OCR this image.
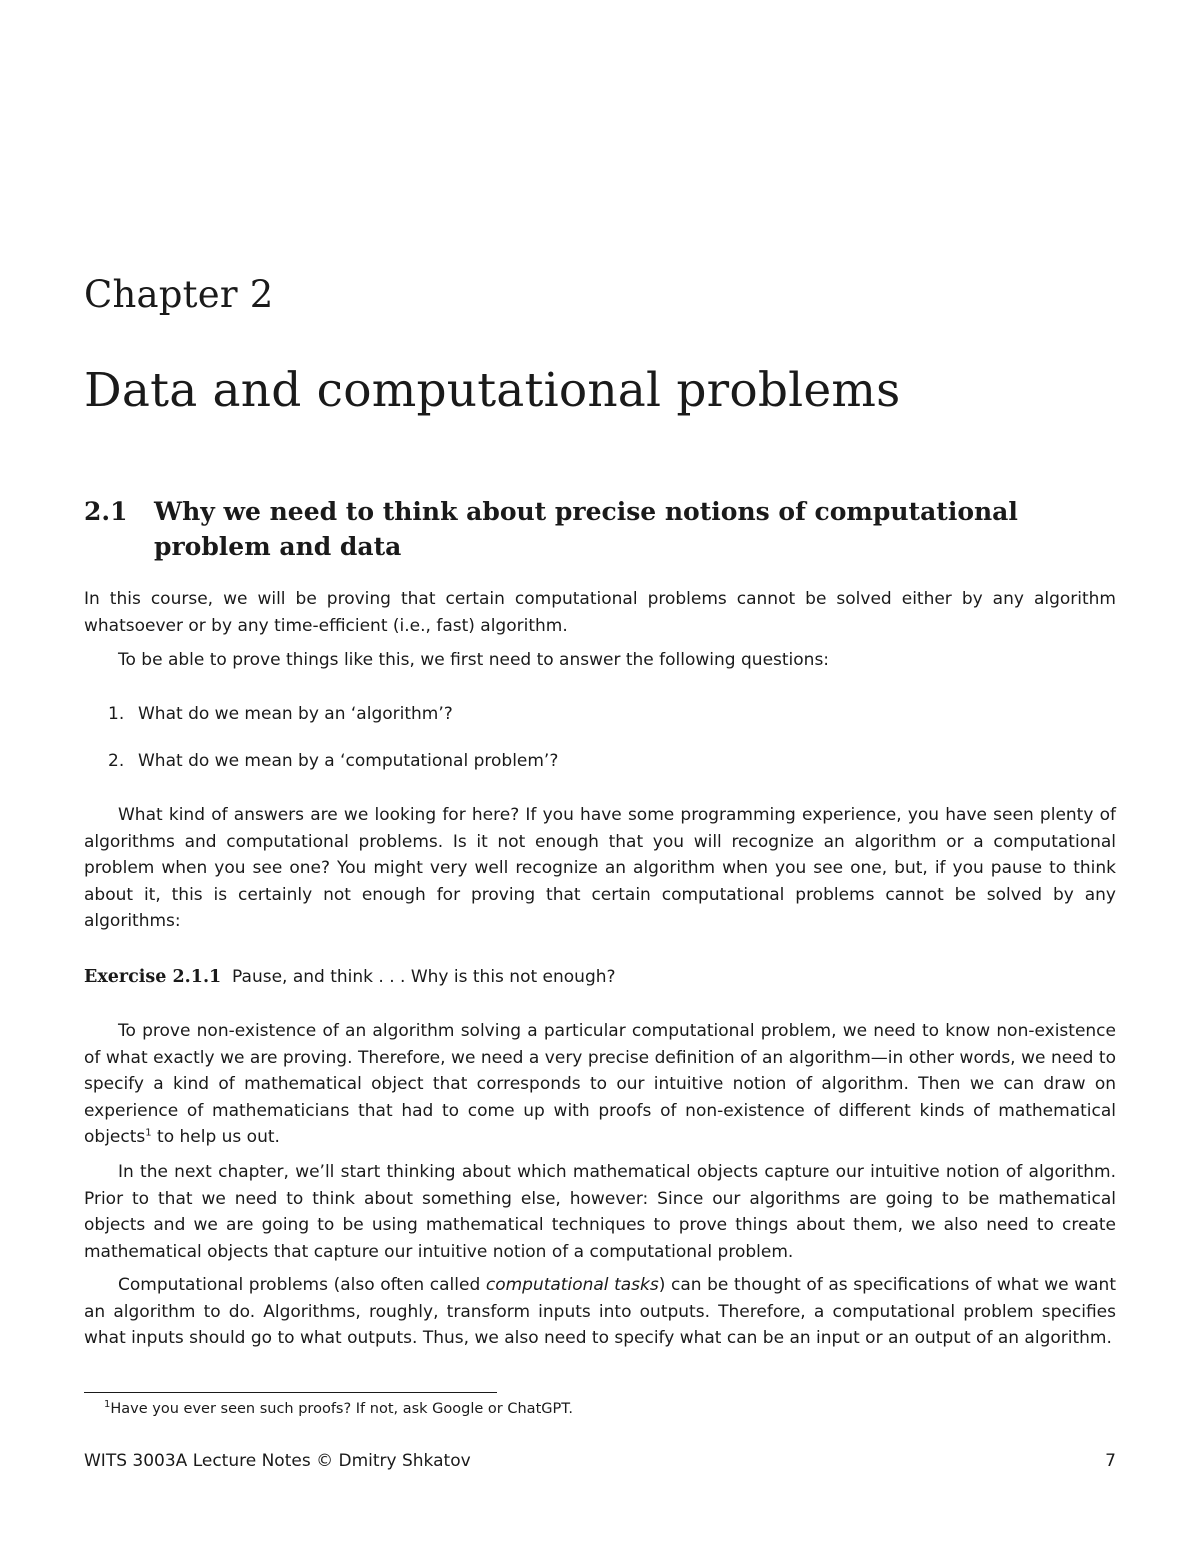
Chapter 2
Data and computational problems
2.1 Why we need to think about precise notions of computational problem and data

In this course, we will be proving that certain computational problems cannot be solved either by any algorithm whatsoever or by any time-efficient (i.e., fast) algorithm.

To be able to prove things like this, we first need to answer the following questions:

1. What do we mean by an ‘algorithm’?
2. What do we mean by a ‘computational problem’?

What kind of answers are we looking for here? If you have some programming experience, you have seen plenty of algorithms and computational problems. Is it not enough that you will recognize an algorithm or a computational problem when you see one? You might very well recognize an algorithm when you see one, but, if you pause to think about it, this is certainly not enough for proving that certain computational problems cannot be solved by any algorithms:

Exercise 2.1.1 Pause, and think . . . Why is this not enough?

To prove non-existence of an algorithm solving a particular computational problem, we need to know non-existence of what exactly we are proving. Therefore, we need a very precise definition of an algorithm—in other words, we need to specify a kind of mathematical object that corresponds to our intuitive notion of algorithm. Then we can draw on experience of mathematicians that had to come up with proofs of non-existence of different kinds of mathematical objects$^1$ to help us out.

In the next chapter, we’ll start thinking about which mathematical objects capture our intuitive notion of algorithm. Prior to that we need to think about something else, however: Since our algorithms are going to be mathematical objects and we are going to be using mathematical techniques to prove things about them, we also need to create mathematical objects that capture our intuitive notion of a computational problem.

Computational problems (also often called computational tasks) can be thought of as specifications of what we want an algorithm to do. Algorithms, roughly, transform inputs into outputs. Therefore, a computational problem specifies what inputs should go to what outputs. Thus, we also need to specify what can be an input or an output of an algorithm.

$^1$Have you ever seen such proofs? If not, ask Google or ChatGPT.
WITS 3003A Lecture Notes © Dmitry Shkatov	7
